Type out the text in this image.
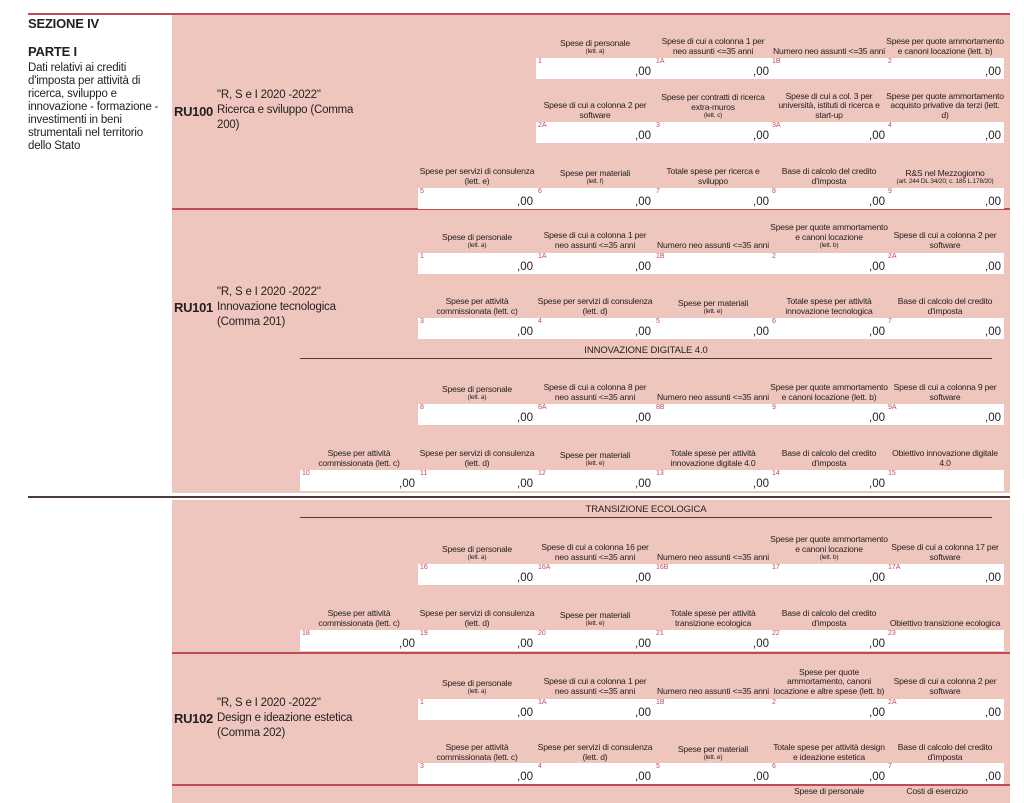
SEZIONE IV
PARTE I
Dati relativi ai crediti d'imposta per attività di ricerca, sviluppo e innovazione - formazione - investimenti in beni strumentali nel territorio dello Stato
RU100
"R, S e I 2020 -2022" Ricerca e sviluppo (Comma 200)
RU101
"R, S e I 2020 -2022" Innovazione tecnologica (Comma 201)
RU102
"R, S e I 2020 -2022" Design e ideazione estetica (Comma 202)
INNOVAZIONE DIGITALE 4.0
TRANSIZIONE ECOLOGICA
Spese di personale	Costi di esercizio
Spese di personale
(lett. a)
1
,00
Spese di cui a colonna 1 per neo assunti <=35 anni
1A
,00
Numero neo assunti <=35 anni
1B
Spese per quote ammortamento e canoni locazione (lett. b)
2
,00
Spese di cui a colonna 2 per software
2A
,00
Spese per contratti di ricerca extra-muros
(lett. c)
3
,00
Spese di cui a col. 3 per università, istituti di ricerca e start-up
3A
,00
Spese per quote ammortamento acquisto privative da terzi (lett. d)
4
,00
Spese per servizi di consulenza (lett. e)
5
,00
Spese per materiali
(lett. f)
6
,00
Totale spese per ricerca e sviluppo
7
,00
Base di calcolo del credito d'imposta
8
,00
R&S nel Mezzogiorno
(art. 244 DL 34/20; c. 185 L.178/20)
9
,00
Spese di personale
(lett. a)
1
,00
Spese di cui a colonna 1 per neo assunti <=35 anni
1A
,00
Numero neo assunti <=35 anni
1B
Spese per quote ammortamento e canoni locazione
(lett. b)
2
,00
Spese di cui a colonna 2 per software
2A
,00
Spese per attività commissionata (lett. c)
3
,00
Spese per servizi di consulenza (lett. d)
4
,00
Spese per materiali
(lett. e)
5
,00
Totale spese per attività innovazione tecnologica
6
,00
Base di calcolo del credito d'imposta
7
,00
Spese di personale
(lett. a)
8
,00
Spese di cui a colonna 8 per neo assunti <=35 anni
8A
,00
Numero neo assunti <=35 anni
8B
Spese per quote ammortamento e canoni locazione (lett. b)
9
,00
Spese di cui a colonna 9 per software
9A
,00
Spese per attività commissionata (lett. c)
10
,00
Spese per servizi di consulenza (lett. d)
11
,00
Spese per materiali
(lett. e)
12
,00
Totale spese per attività innovazione digitale 4.0
13
,00
Base di calcolo del credito d'imposta
14
,00
Obiettivo innovazione digitale 4.0
15
Spese di personale
(lett. a)
16
,00
Spese di cui a colonna 16 per neo assunti <=35 anni
16A
,00
Numero neo assunti <=35 anni
16B
Spese per quote ammortamento e canoni locazione
(lett. b)
17
,00
Spese di cui a colonna 17 per software
17A
,00
Spese per attività commissionata (lett. c)
18
,00
Spese per servizi di consulenza (lett. d)
19
,00
Spese per materiali
(lett. e)
20
,00
Totale spese per attività transizione ecologica
21
,00
Base di calcolo del credito d'imposta
22
,00
Obiettivo transizione ecologica
23
Spese di personale
(lett. a)
1
,00
Spese di cui a colonna 1 per neo assunti <=35 anni
1A
,00
Numero neo assunti <=35 anni
1B
Spese per quote ammortamento, canoni locazione e altre spese (lett. b)
2
,00
Spese di cui a colonna 2 per software
2A
,00
Spese per attività commissionata (lett. c)
3
,00
Spese per servizi di consulenza (lett. d)
4
,00
Spese per materiali
(lett. e)
5
,00
Totale spese per attività design e ideazione estetica
6
,00
Base di calcolo del credito d'imposta
7
,00
